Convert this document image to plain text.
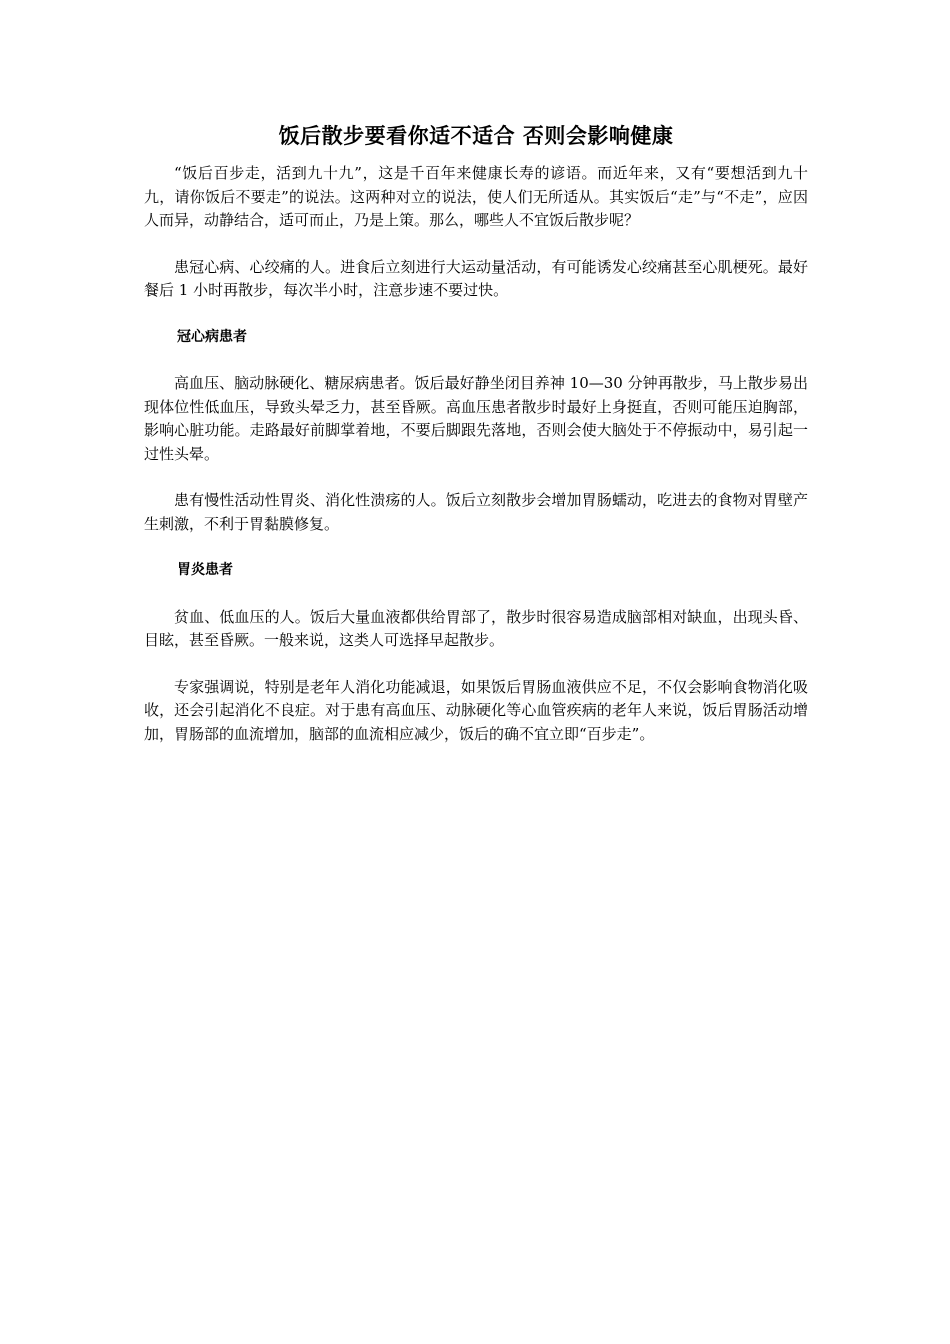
饭后散步要看你适不适合 否则会影响健康

“饭后百步走，活到九十九”，这是千百年来健康长寿的谚语。而近年来，又有“要想活到九十九，请你饭后不要走”的说法。这两种对立的说法，使人们无所适从。其实饭后“走”与“不走”，应因人而异，动静结合，适可而止，乃是上策。那么，哪些人不宜饭后散步呢？

患冠心病、心绞痛的人。进食后立刻进行大运动量活动，有可能诱发心绞痛甚至心肌梗死。最好餐后 1 小时再散步，每次半小时，注意步速不要过快。

冠心病患者

高血压、脑动脉硬化、糖尿病患者。饭后最好静坐闭目养神 10—30 分钟再散步，马上散步易出现体位性低血压，导致头晕乏力，甚至昏厥。高血压患者散步时最好上身挺直，否则可能压迫胸部，影响心脏功能。走路最好前脚掌着地，不要后脚跟先落地，否则会使大脑处于不停振动中，易引起一过性头晕。

患有慢性活动性胃炎、消化性溃疡的人。饭后立刻散步会增加胃肠蠕动，吃进去的食物对胃壁产生刺激，不利于胃黏膜修复。

胃炎患者

贫血、低血压的人。饭后大量血液都供给胃部了，散步时很容易造成脑部相对缺血，出现头昏、目眩，甚至昏厥。一般来说，这类人可选择早起散步。

专家强调说，特别是老年人消化功能减退，如果饭后胃肠血液供应不足，不仅会影响食物消化吸收，还会引起消化不良症。对于患有高血压、动脉硬化等心血管疾病的老年人来说，饭后胃肠活动增加，胃肠部的血流增加，脑部的血流相应减少，饭后的确不宜立即“百步走”。
